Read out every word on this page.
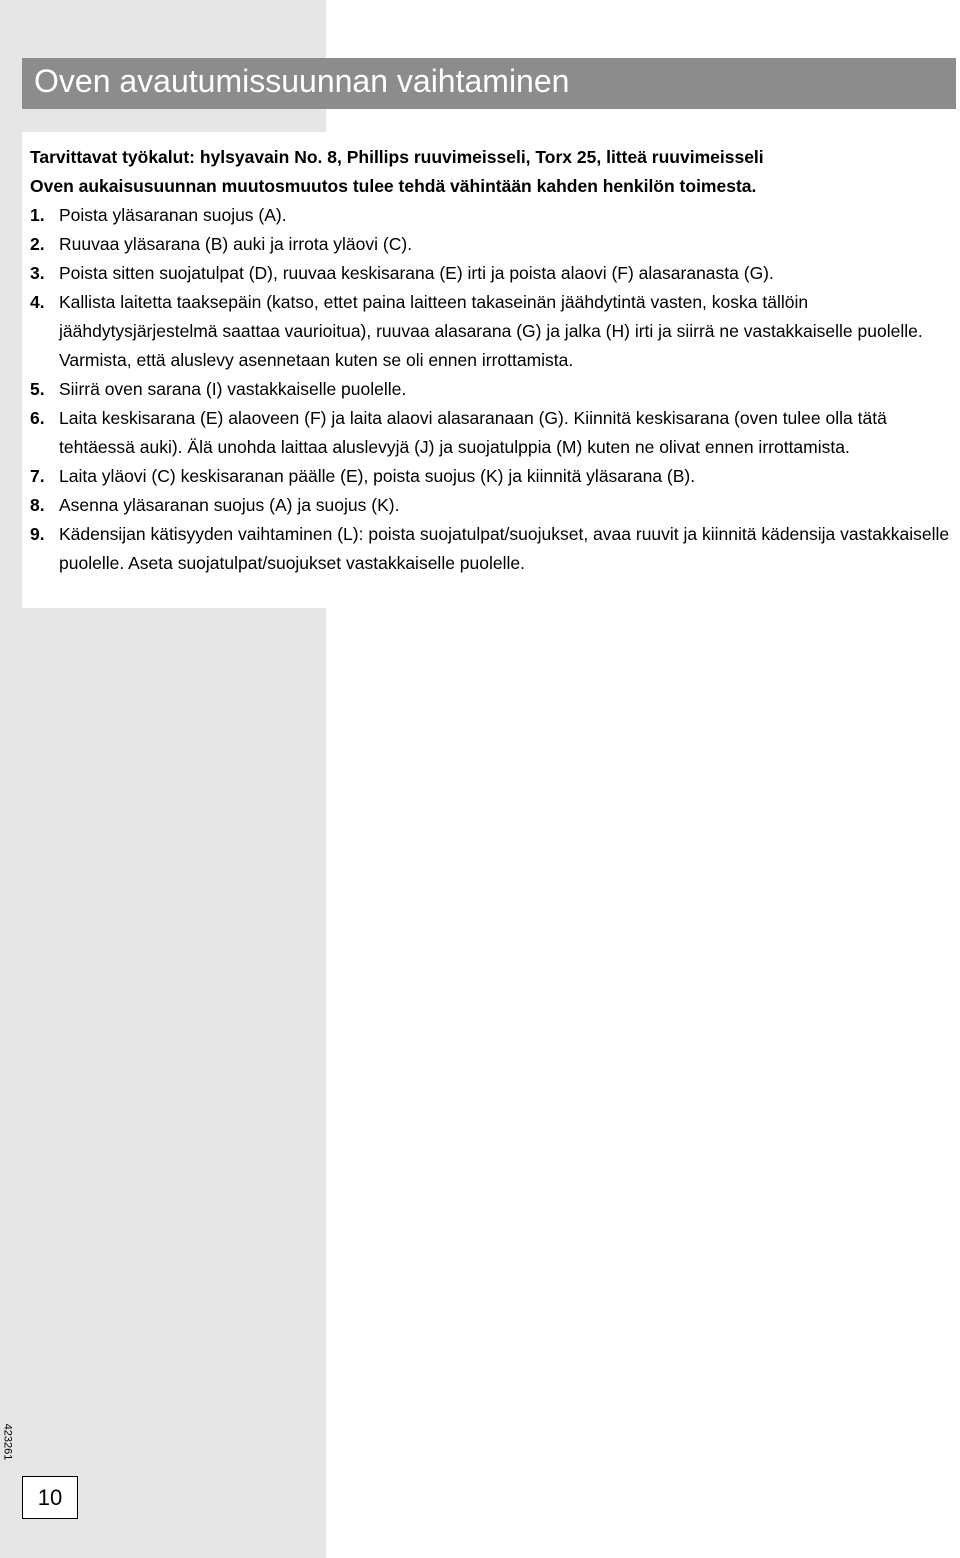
Oven avautumissuunnan vaihtaminen
Tarvittavat työkalut: hylsyavain No. 8, Phillips ruuvimeisseli, Torx 25, litteä ruuvimeisseli
Oven aukaisusuunnan muutosmuutos tulee tehdä vähintään kahden henkilön toimesta.
1. Poista yläsaranan suojus (A).
2. Ruuvaa yläsarana (B) auki ja irrota yläovi (C).
3. Poista sitten suojatulpat (D), ruuvaa keskisarana (E) irti ja poista alaovi (F) alasaranasta (G).
4. Kallista laitetta taaksepäin (katso, ettet paina laitteen takaseinän jäähdytintä vasten, koska tällöin jäähdytysjärjestelmä saattaa vaurioitua), ruuvaa alasarana (G) ja jalka (H) irti ja siirrä ne vastakkaiselle puolelle. Varmista, että aluslevy asennetaan kuten se oli ennen irrottamista.
5. Siirrä oven sarana (I) vastakkaiselle puolelle.
6. Laita keskisarana (E) alaoveen (F) ja laita alaovi alasaranaan (G). Kiinnitä keskisarana (oven tulee olla tätä tehtäessä auki). Älä unohda laittaa aluslevyjä (J) ja suojatulppia (M) kuten ne olivat ennen irrottamista.
7. Laita yläovi (C) keskisaranan päälle (E), poista suojus (K) ja kiinnitä yläsarana (B).
8. Asenna yläsaranan suojus (A) ja suojus (K).
9. Kädensijan kätisyyden vaihtaminen (L): poista suojatulpat/suojukset, avaa ruuvit ja kiinnitä kädensija vastakkaiselle puolelle. Aseta suojatulpat/suojukset vastakkaiselle puolelle.
423261
10
